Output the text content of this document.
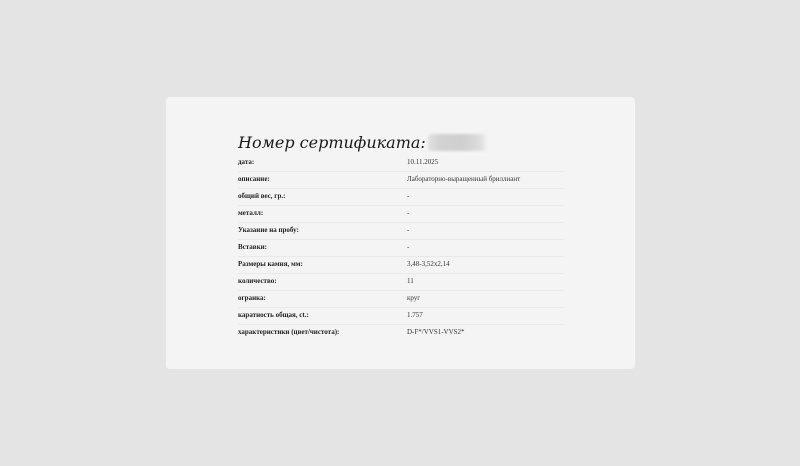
Номер сертификата:
дата:	10.11.2025
описание:	Лабораторно-выращенный бриллиант
общий вес, гр.:	-
металл:	-
Указание на пробу:	-
Вставки:	-
Размеры камня, мм:	3,48-3,52x2,14
количество:	11
огранка:	круг
каратность общая, ct.:	1.757
характеристики (цвет/чистота):	D-F*/VVS1-VVS2*
